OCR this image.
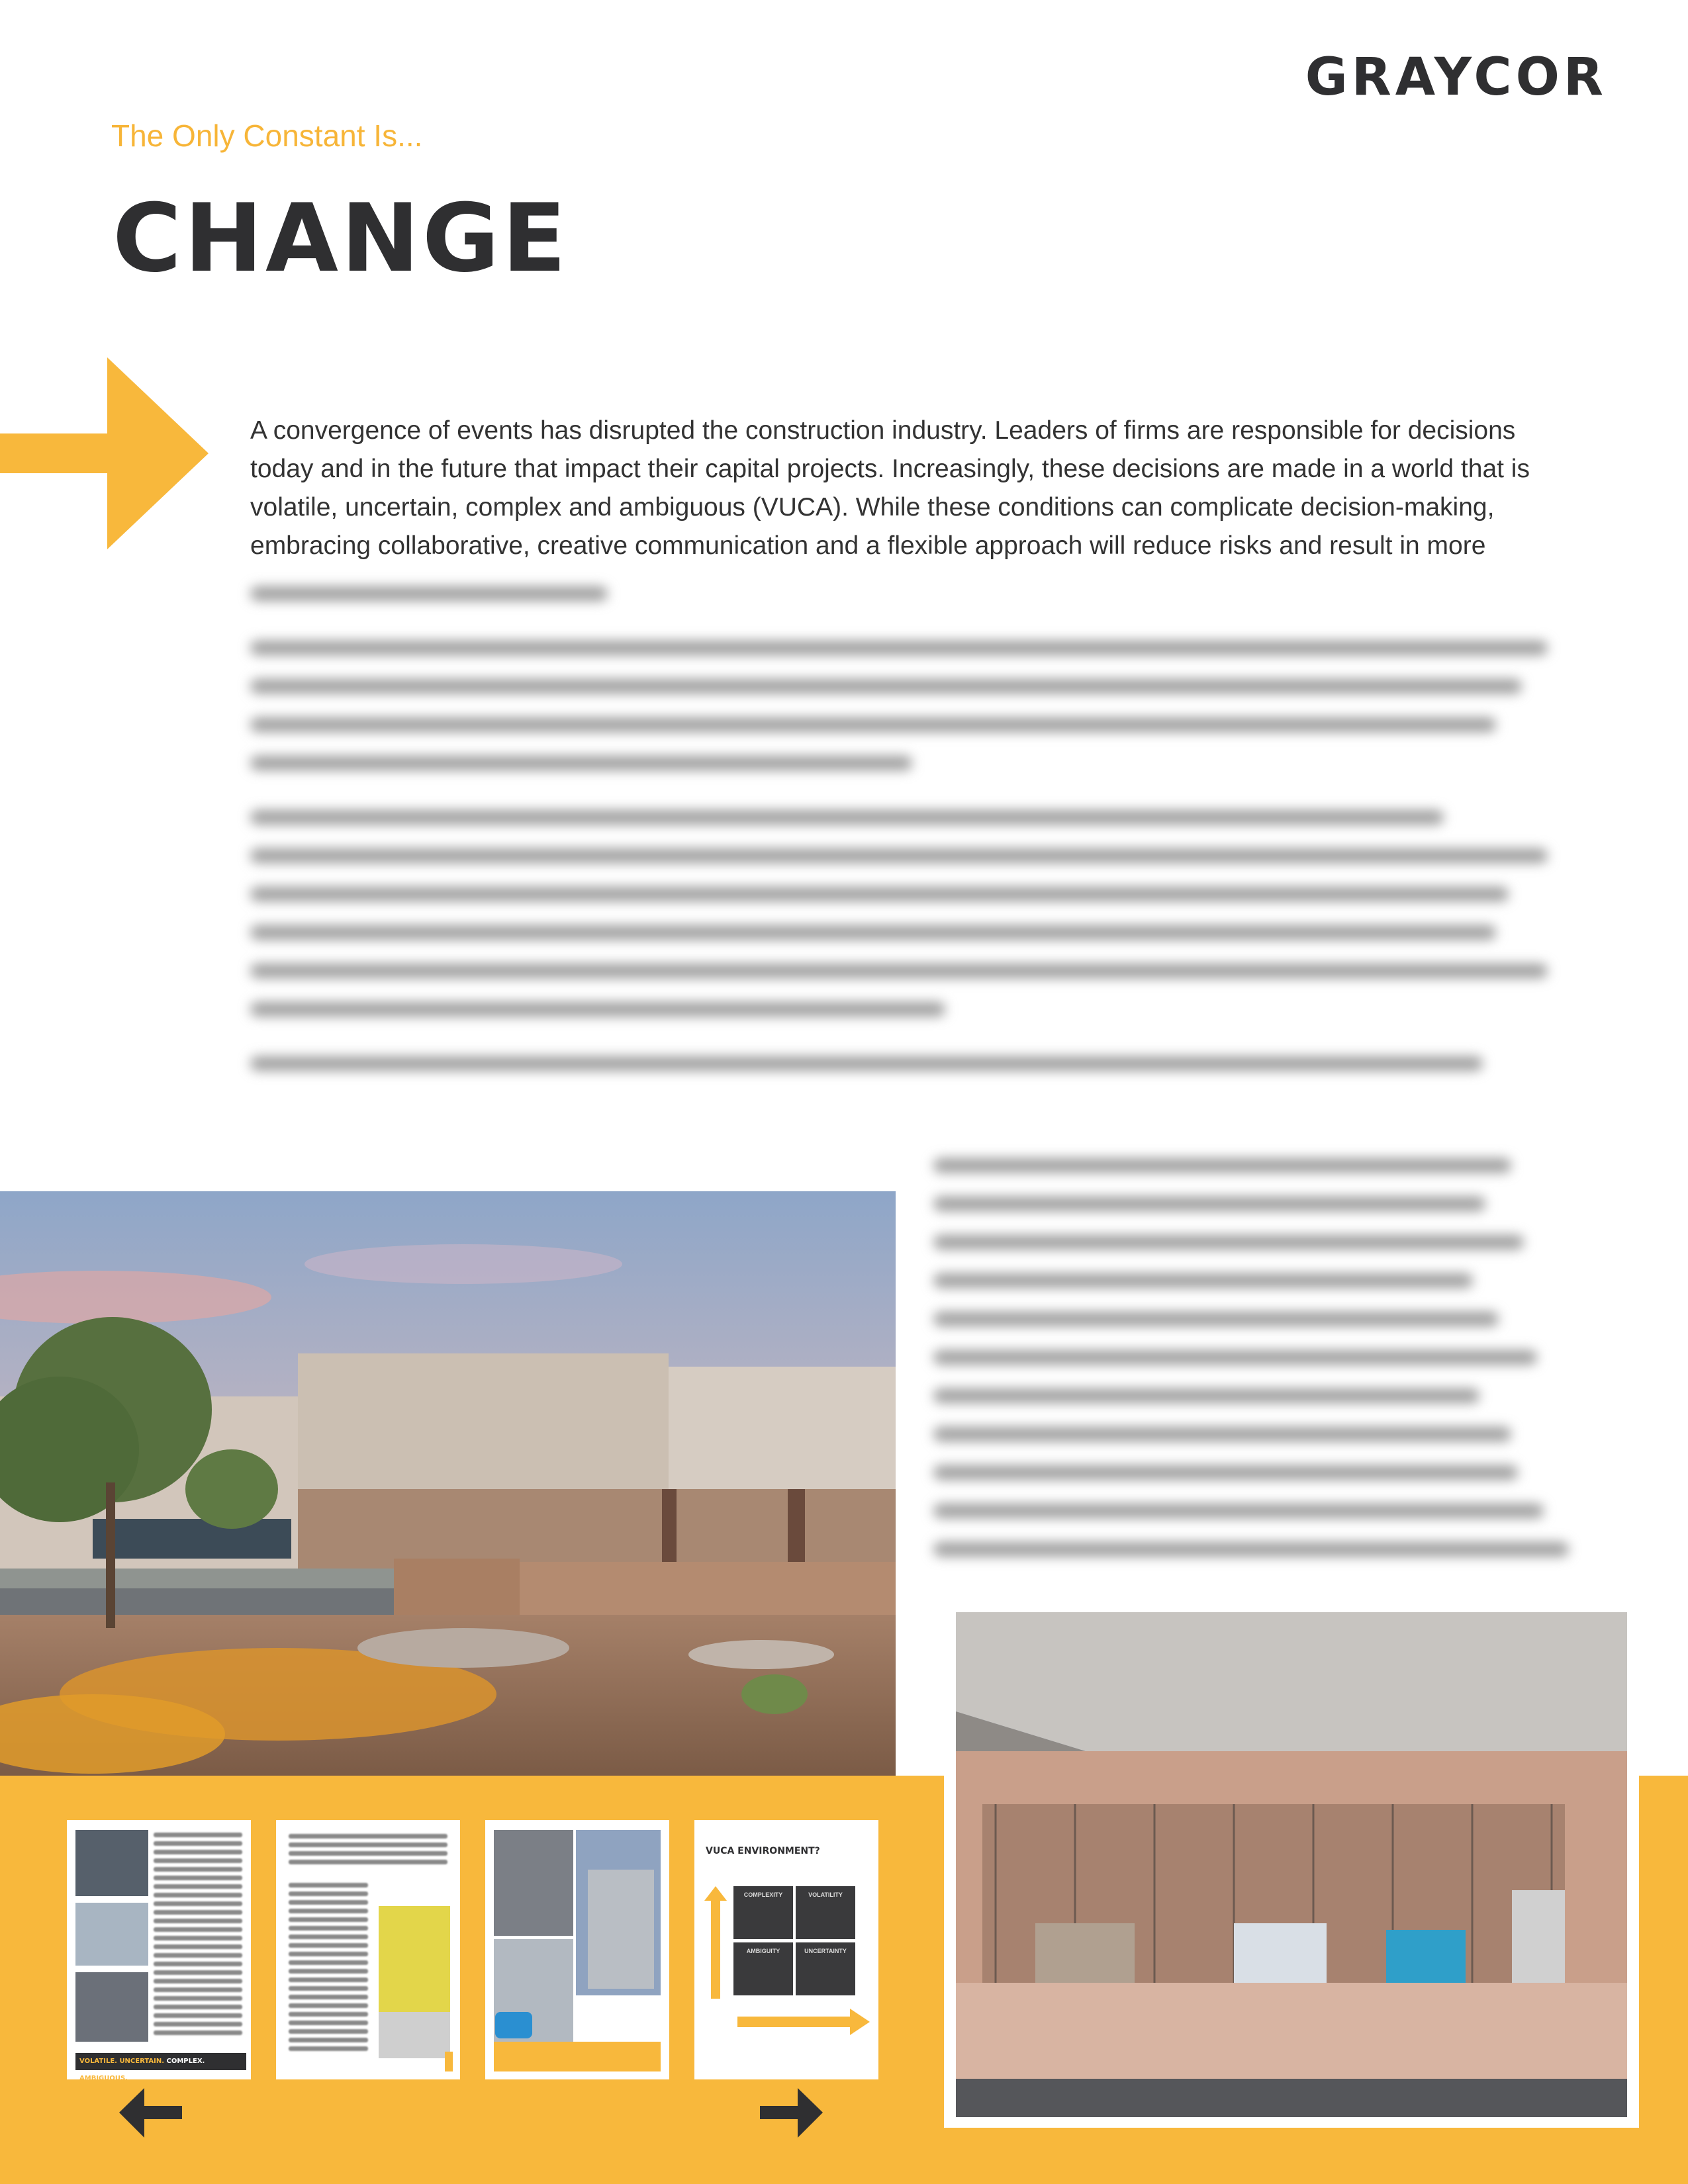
GRAYCOR
The Only Constant Is...
CHANGE

A convergence of events has disrupted the construction industry. Leaders of firms are responsible for decisions today and in the future that impact their capital projects. Increasingly, these decisions are made in a world that is volatile, uncertain, complex and ambiguous (VUCA). While these conditions can complicate decision-making, embracing collaborative, creative communication and a flexible approach will reduce risks and result in more

VOLATILE. UNCERTAIN. COMPLEX. AMBIGUOUS.
VUCA ENVIRONMENT?
COMPLEXITY	VOLATILITY
AMBIGUITY	UNCERTAINTY
